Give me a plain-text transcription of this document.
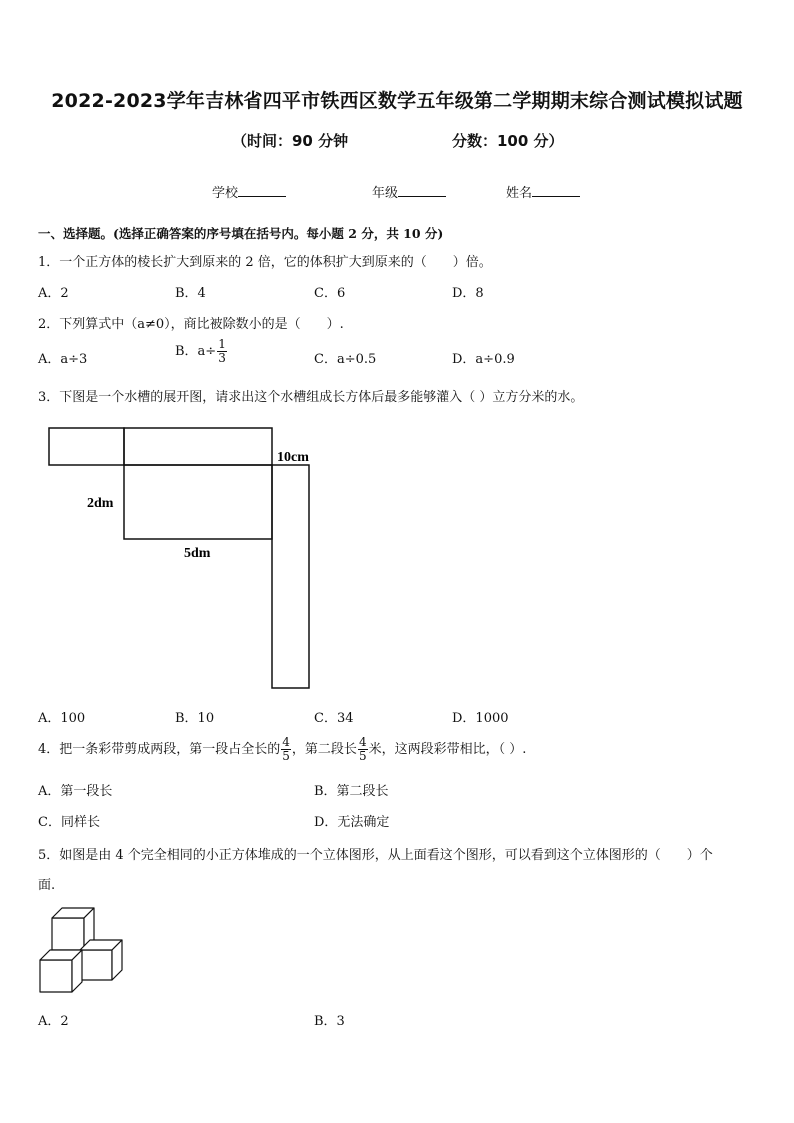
2022-2023学年吉林省四平市铁西区数学五年级第二学期期末综合测试模拟试题
（时间：90 分钟	分数：100 分）
学校	年级	姓名
一、选择题。(选择正确答案的序号填在括号内。每小题 2 分，共 10 分)
1．一个正方体的棱长扩大到原来的 2 倍，它的体积扩大到原来的（　　）倍。
A．2	B．4	C．6	D．8
2．下列算式中（a≠0），商比被除数小的是（　　）.
A．a÷3
B．$a\div \frac{1}{3}$	C．a÷0.5	D．a÷0.9
3．下图是一个水槽的展开图，请求出这个水槽组成长方体后最多能够灌入（ ）立方分米的水。
10cm
2dm
5dm
A．100	B．10	C．34	D．1000
4．把一条彩带剪成两段，第一段占全长的 $\frac{4}{5}$ ，第二段长 $\frac{4}{5}$ 米，这两段彩带相比，（ ）.
A．第一段长	B．第二段长
C．同样长	D．无法确定
5．如图是由 4 个完全相同的小正方体堆成的一个立体图形，从上面看这个图形，可以看到这个立体图形的（　　）个
面.
A．2	B．3
